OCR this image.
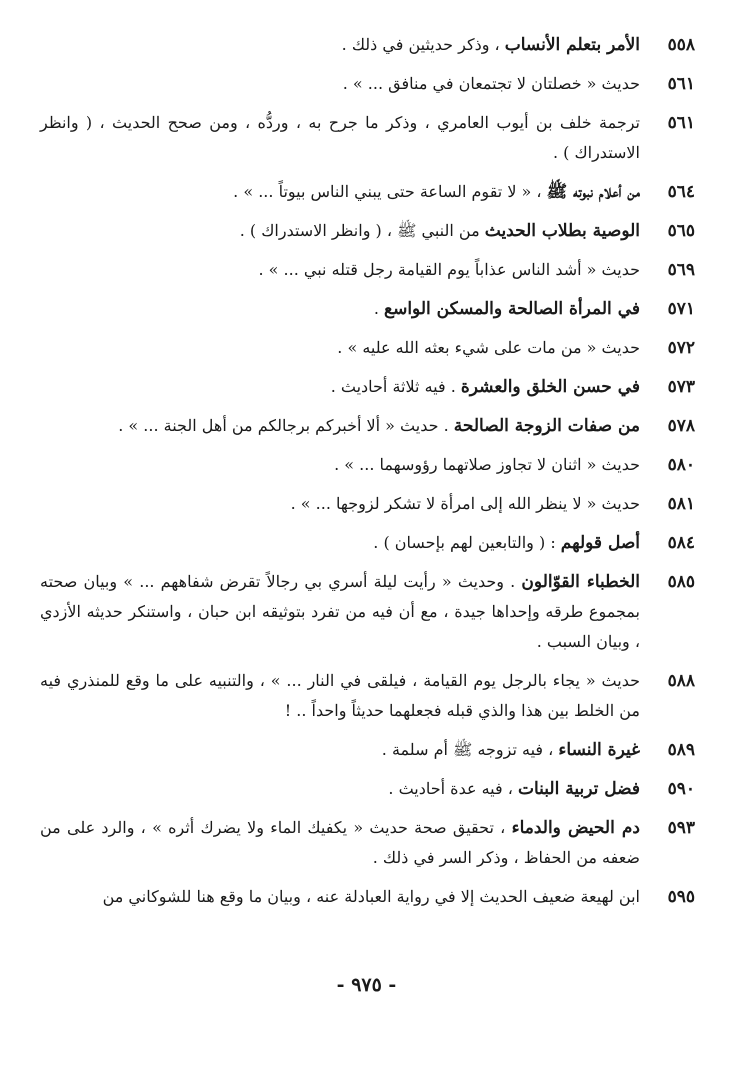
٥٥٨
الأمر بتعلم الأنساب ، وذكر حديثين في ذلك .
٥٦١
حديث « خصلتان لا تجتمعان في منافق ... » .
٥٦١
ترجمة خلف بن أيوب العامري ، وذكر ما جرح به ، وردُّه ، ومن صحح الحديث ، ( وانظر الاستدراك ) .
٥٦٤
من أعلام نبوته ﷺ ، « لا تقوم الساعة حتى يبني الناس بيوتاً ... » .
٥٦٥
الوصية بطلاب الحديث من النبي ﷺ ، ( وانظر الاستدراك ) .
٥٦٩
حديث « أشد الناس عذاباً يوم القيامة رجل قتله نبي ... » .
٥٧١
في المرأة الصالحة والمسكن الواسع .
٥٧٢
حديث « من مات على شيء بعثه الله عليه » .
٥٧٣
في حسن الخلق والعشرة . فيه ثلاثة أحاديث .
٥٧٨
من صفات الزوجة الصالحة . حديث « ألا أخبركم برجالكم من أهل الجنة ... » .
٥٨٠
حديث « اثنان لا تجاوز صلاتهما رؤوسهما ... » .
٥٨١
حديث « لا ينظر الله إلى امرأة لا تشكر لزوجها ... » .
٥٨٤
أصل قولهم : ( والتابعين لهم بإحسان ) .
٥٨٥
الخطباء القوّالون . وحديث « رأيت ليلة أسري بي رجالاً تقرض شفاههم ... » وبيان صحته بمجموع طرقه وإحداها جيدة ، مع أن فيه من تفرد بتوثيقه ابن حبان ، واستنكر حديثه الأزدي ، وبيان السبب .
٥٨٨
حديث « يجاء بالرجل يوم القيامة ، فيلقى في النار ... » ، والتنبيه على ما وقع للمنذري فيه من الخلط بين هذا والذي قبله فجعلهما حديثاً واحداً .. !
٥٨٩
غيرة النساء ، فيه تزوجه ﷺ أم سلمة .
٥٩٠
فضل تربية البنات ، فيه عدة أحاديث .
٥٩٣
دم الحيض والدماء ، تحقيق صحة حديث « يكفيك الماء ولا يضرك أثره » ، والرد على من ضعفه من الحفاظ ، وذكر السر في ذلك .
٥٩٥
ابن لهيعة ضعيف الحديث إلا في رواية العبادلة عنه ، وبيان ما وقع هنا للشوكاني من
- ٩٧٥ -
